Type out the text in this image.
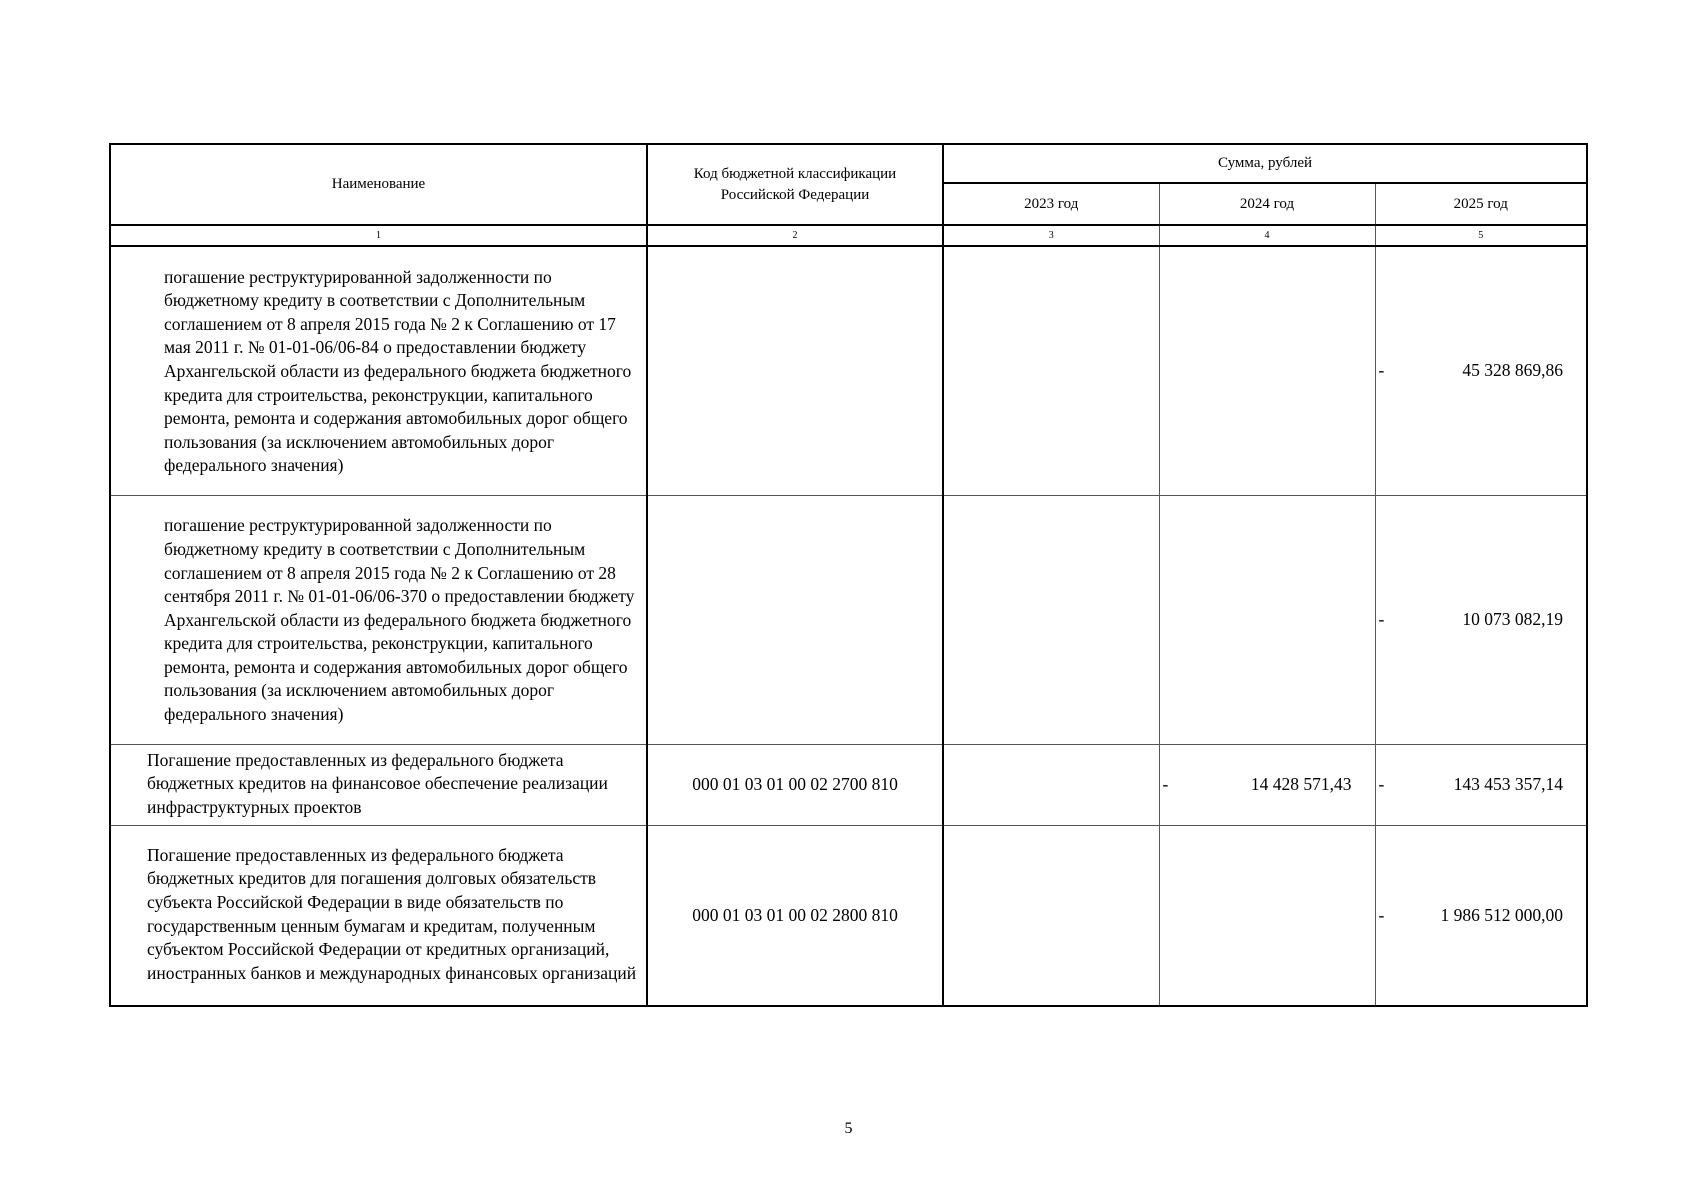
Наименование	Код бюджетной классификации Российской Федерации	Сумма, рублей		
		2023 год	2024 год	2025 год
1	2	3	4	5
погашение реструктурированной задолженности по бюджетному кредиту в соответствии с Дополнительным соглашением от 8 апреля 2015 года № 2 к Соглашению от 17 мая 2011 г. № 01-01-06/06-84 о предоставлении бюджету Архангельской области из федерального бюджета бюджетного кредита для строительства, реконструкции, капитального ремонта, ремонта и содержания автомобильных дорог общего пользования (за исключением автомобильных дорог федерального значения)				- 45 328 869,86

погашение реструктурированной задолженности по бюджетному кредиту в соответствии с Дополнительным соглашением от 8 апреля 2015 года № 2 к Соглашению от 28 сентября 2011 г. № 01-01-06/06-370 о предоставлении бюджету Архангельской области из федерального бюджета бюджетного кредита для строительства, реконструкции, капитального ремонта, ремонта и содержания автомобильных дорог общего пользования (за исключением автомобильных дорог федерального значения)				- 10 073 082,19

Погашение предоставленных из федерального бюджета бюджетных кредитов на финансовое обеспечение реализации инфраструктурных проектов	000 01 03 01 00 02 2700 810		- 14 428 571,43	- 143 453 357,14

Погашение предоставленных из федерального бюджета бюджетных кредитов для погашения долговых обязательств субъекта Российской Федерации в виде обязательств по государственным ценным бумагам и кредитам, полученным субъектом Российской Федерации от кредитных организаций, иностранных банков и международных финансовых организаций	000 01 03 01 00 02 2800 810			- 1 986 512 000,00
5
